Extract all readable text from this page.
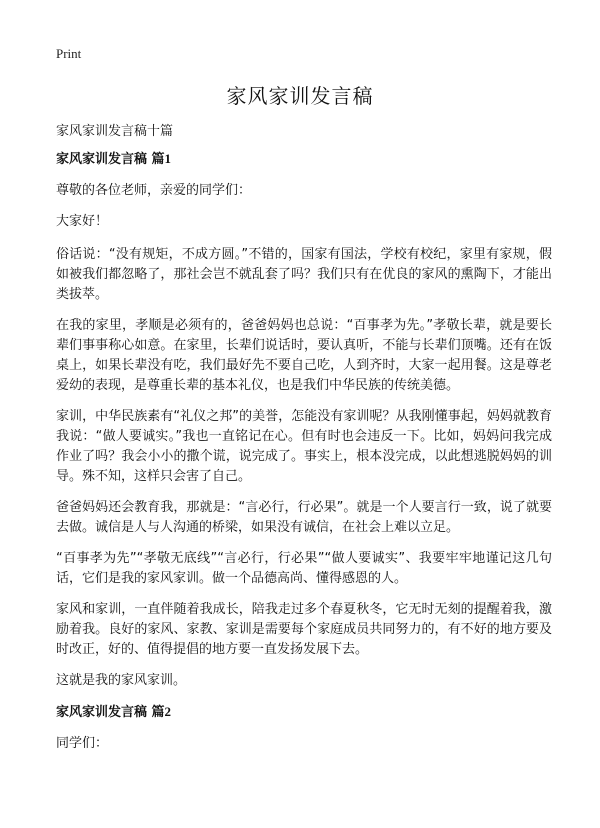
Print
家风家训发言稿

家风家训发言稿十篇

家风家训发言稿 篇1

尊敬的各位老师，亲爱的同学们：

大家好！

俗话说：“没有规矩，不成方圆。”不错的，国家有国法，学校有校纪，家里有家规，假如被我们都忽略了，那社会岂不就乱套了吗？我们只有在优良的家风的熏陶下，才能出类拔萃。

在我的家里，孝顺是必须有的，爸爸妈妈也总说：“百事孝为先。”孝敬长辈，就是要长辈们事事称心如意。在家里，长辈们说话时，要认真听，不能与长辈们顶嘴。还有在饭桌上，如果长辈没有吃，我们最好先不要自己吃，人到齐时，大家一起用餐。这是尊老爱幼的表现，是尊重长辈的基本礼仪，也是我们中华民族的传统美德。

家训，中华民族素有“礼仪之邦”的美誉，怎能没有家训呢？从我刚懂事起，妈妈就教育我说：“做人要诚实。”我也一直铭记在心。但有时也会违反一下。比如，妈妈问我完成作业了吗？我会小小的撒个谎，说完成了。事实上，根本没完成，以此想逃脱妈妈的训导。殊不知，这样只会害了自己。

爸爸妈妈还会教育我，那就是：“言必行，行必果”。就是一个人要言行一致，说了就要去做。诚信是人与人沟通的桥梁，如果没有诚信，在社会上难以立足。

“百事孝为先”“孝敬无底线”“言必行，行必果”“做人要诚实”、我要牢牢地谨记这几句话，它们是我的家风家训。做一个品德高尚、懂得感恩的人。

家风和家训，一直伴随着我成长，陪我走过多个春夏秋冬，它无时无刻的提醒着我，激励着我。良好的家风、家教、家训是需要每个家庭成员共同努力的，有不好的地方要及时改正，好的、值得提倡的地方要一直发扬发展下去。

这就是我的家风家训。

家风家训发言稿 篇2

同学们：
